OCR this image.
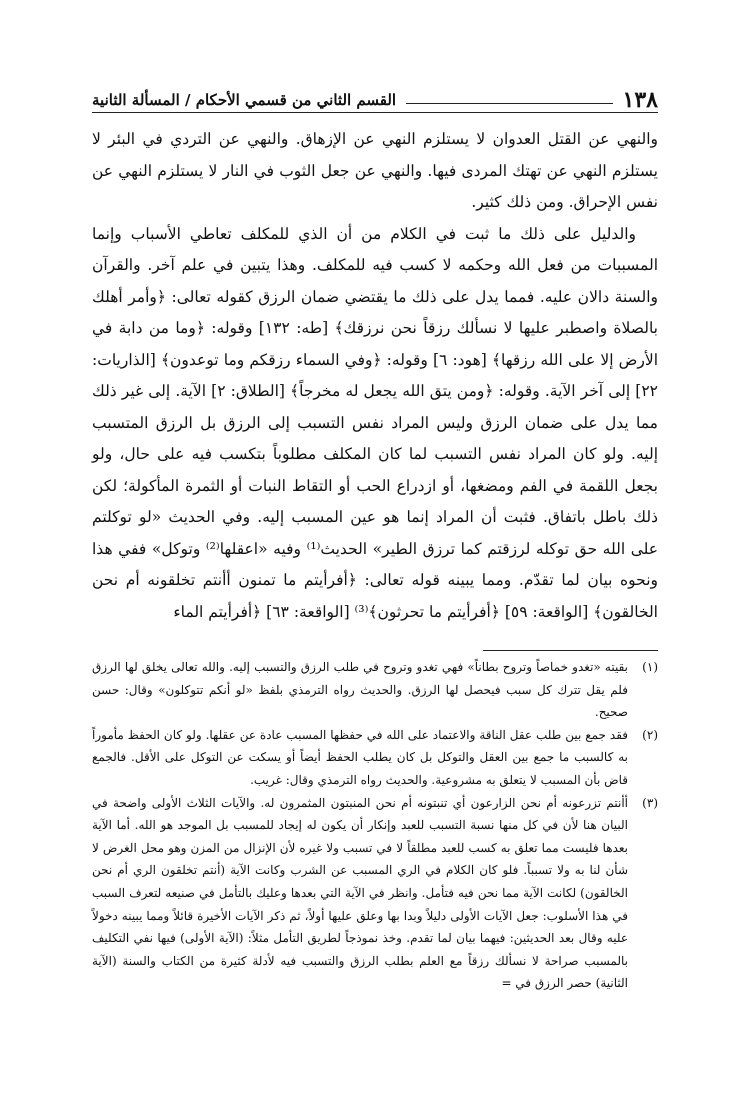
١٣٨
القسم الثاني من قسمي الأحكام / المسألة الثانية

والنهي عن القتل العدوان لا يستلزم النهي عن الإزهاق. والنهي عن التردي في البئر لا يستلزم النهي عن تهتك المردى فيها. والنهي عن جعل الثوب في النار لا يستلزم النهي عن نفس الإحراق. ومن ذلك كثير.

والدليل على ذلك ما ثبت في الكلام من أن الذي للمكلف تعاطي الأسباب وإنما المسببات من فعل الله وحكمه لا كسب فيه للمكلف. وهذا يتبين في علم آخر. والقرآن والسنة دالان عليه. فمما يدل على ذلك ما يقتضي ضمان الرزق كقوله تعالى: ﴿وأمر أهلك بالصلاة واصطبر عليها لا نسألك رزقاً نحن نرزقك﴾ [طه: ١٣٢] وقوله: ﴿وما من دابة في الأرض إلا على الله رزقها﴾ [هود: ٦] وقوله: ﴿وفي السماء رزقكم وما توعدون﴾ [الذاريات: ٢٢] إلى آخر الآية. وقوله: ﴿ومن يتق الله يجعل له مخرجاً﴾ [الطلاق: ٢] الآية. إلى غير ذلك مما يدل على ضمان الرزق وليس المراد نفس التسبب إلى الرزق بل الرزق المتسبب إليه. ولو كان المراد نفس التسبب لما كان المكلف مطلوباً بتكسب فيه على حال، ولو بجعل اللقمة في الفم ومضغها، أو ازدراع الحب أو التقاط النبات أو الثمرة المأكولة؛ لكن ذلك باطل باتفاق. فثبت أن المراد إنما هو عين المسبب إليه. وفي الحديث «لو توكلتم على الله حق توكله لرزقتم كما ترزق الطير» الحديث⁽¹⁾ وفيه «اعقلها⁽²⁾ وتوكل» ففي هذا ونحوه بيان لما تقدّم. ومما يبينه قوله تعالى: ﴿أفرأيتم ما تمنون أأنتم تخلقونه أم نحن الخالقون﴾ [الواقعة: ٥٩] ﴿أفرأيتم ما تحرثون﴾⁽³⁾ [الواقعة: ٦٣] ﴿أفرأيتم الماء

(١)
بقيته «تغدو خماصاً وتروح بطاناً» فهي تغدو وتروح في طلب الرزق والتسبب إليه. والله تعالى يخلق لها الرزق فلم يقل تترك كل سبب فيحصل لها الرزق. والحديث رواه الترمذي بلفظ «لو أنكم تتوكلون» وقال: حسن صحيح.
(٢)
فقد جمع بين طلب عقل الناقة والاعتماد على الله في حفظها المسبب عادة عن عقلها. ولو كان الحفظ مأموراً به كالسبب ما جمع بين العقل والتوكل بل كان يطلب الحفظ أيضاً أو يسكت عن التوكل على الأقل. فالجمع قاض بأن المسبب لا يتعلق به مشروعية. والحديث رواه الترمذي وقال: غريب.
(٣)
أأنتم تزرعونه أم نحن الزارعون أي تنبتونه أم نحن المنبتون المثمرون له. والآيات الثلاث الأولى واضحة في البيان هنا لأن في كل منها نسبة التسبب للعبد وإنكار أن يكون له إيجاد للمسبب بل الموجد هو الله. أما الآية بعدها فليست مما تعلق به كسب للعبد مطلقاً لا في تسبب ولا غيره لأن الإنزال من المزن وهو محل الغرض لا شأن لنا به ولا تسبباً. فلو كان الكلام في الري المسبب عن الشرب وكانت الآية (أنتم تخلقون الري أم نحن الخالقون) لكانت الآية مما نحن فيه فتأمل. وانظر في الآية التي بعدها وعليك بالتأمل في صنيعه لتعرف السبب في هذا الأسلوب: جعل الآيات الأولى دليلاً وبدا بها وعلق عليها أولاً، ثم ذكر الآيات الأخيرة قائلاً ومما يبينه دخولاً عليه وقال بعد الحديثين: فيهما بيان لما تقدم. وخذ نموذجاً لطريق التأمل مثلاً: (الآية الأولى) فيها نفي التكليف بالمسبب صراحة لا نسألك رزقاً مع العلم بطلب الرزق والتسبب فيه لأدلة كثيرة من الكتاب والسنة (الآية الثانية) حصر الرزق في =
